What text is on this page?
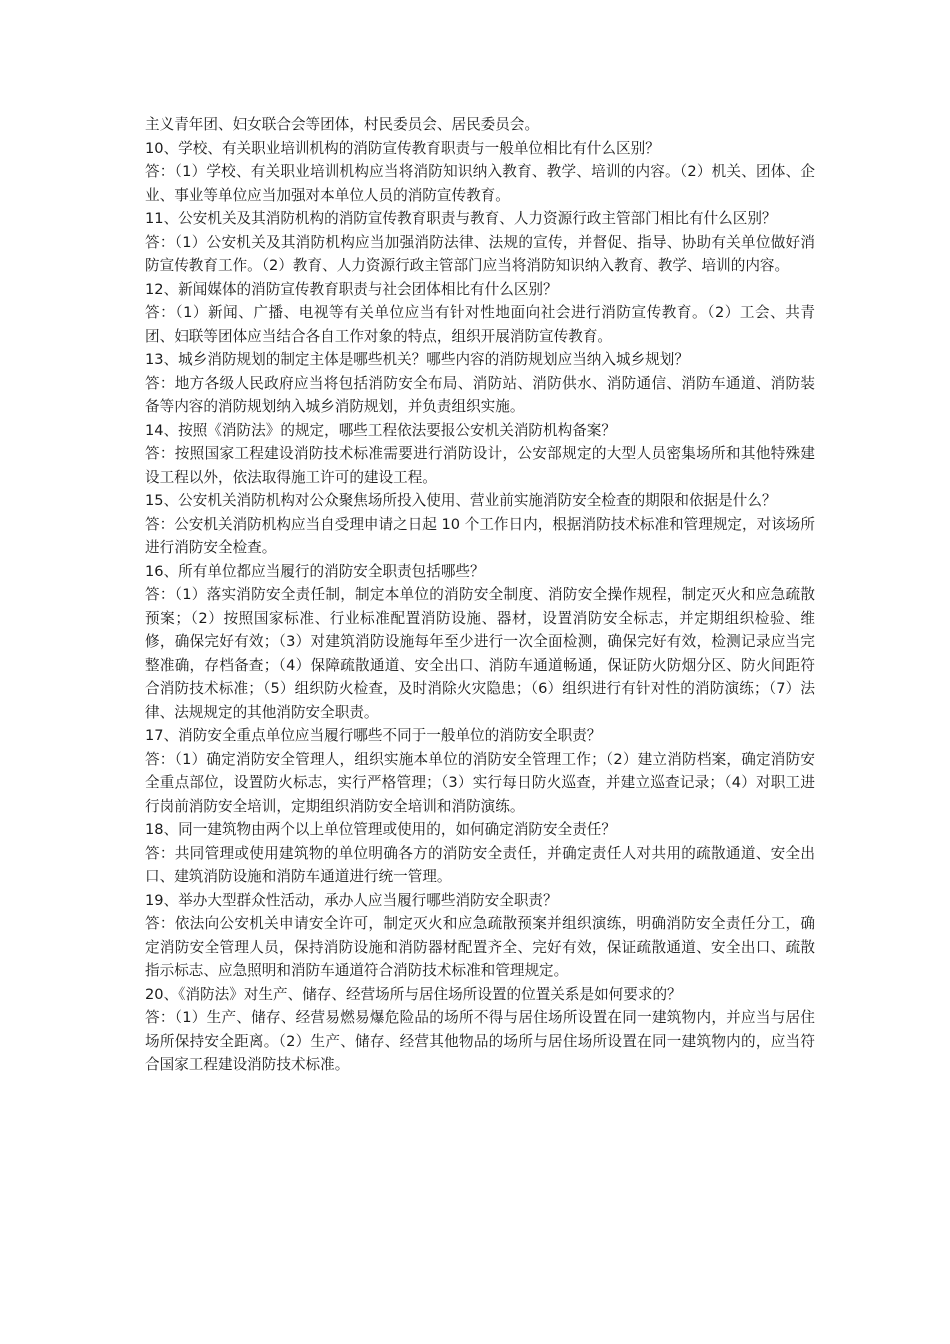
主义青年团、妇女联合会等团体，村民委员会、居民委员会。

10、学校、有关职业培训机构的消防宣传教育职责与一般单位相比有什么区别？

答：（1）学校、有关职业培训机构应当将消防知识纳入教育、教学、培训的内容。（2）机关、团体、企业、事业等单位应当加强对本单位人员的消防宣传教育。

11、公安机关及其消防机构的消防宣传教育职责与教育、人力资源行政主管部门相比有什么区别？

答：（1）公安机关及其消防机构应当加强消防法律、法规的宣传，并督促、指导、协助有关单位做好消防宣传教育工作。（2）教育、人力资源行政主管部门应当将消防知识纳入教育、教学、培训的内容。

12、新闻媒体的消防宣传教育职责与社会团体相比有什么区别？

答：（1）新闻、广播、电视等有关单位应当有针对性地面向社会进行消防宣传教育。（2）工会、共青团、妇联等团体应当结合各自工作对象的特点，组织开展消防宣传教育。

13、城乡消防规划的制定主体是哪些机关？哪些内容的消防规划应当纳入城乡规划？

答：地方各级人民政府应当将包括消防安全布局、消防站、消防供水、消防通信、消防车通道、消防装备等内容的消防规划纳入城乡消防规划，并负责组织实施。

14、按照《消防法》的规定，哪些工程依法要报公安机关消防机构备案？

答：按照国家工程建设消防技术标准需要进行消防设计，公安部规定的大型人员密集场所和其他特殊建设工程以外，依法取得施工许可的建设工程。

15、公安机关消防机构对公众聚焦场所投入使用、营业前实施消防安全检查的期限和依据是什么？

答：公安机关消防机构应当自受理申请之日起 10 个工作日内，根据消防技术标准和管理规定，对该场所进行消防安全检查。

16、所有单位都应当履行的消防安全职责包括哪些？

答：（1）落实消防安全责任制，制定本单位的消防安全制度、消防安全操作规程，制定灭火和应急疏散预案；（2）按照国家标准、行业标准配置消防设施、器材，设置消防安全标志，并定期组织检验、维修，确保完好有效；（3）对建筑消防设施每年至少进行一次全面检测，确保完好有效，检测记录应当完整准确，存档备查；（4）保障疏散通道、安全出口、消防车通道畅通，保证防火防烟分区、防火间距符合消防技术标准；（5）组织防火检查，及时消除火灾隐患；（6）组织进行有针对性的消防演练；（7）法律、法规规定的其他消防安全职责。

17、消防安全重点单位应当履行哪些不同于一般单位的消防安全职责？

答：（1）确定消防安全管理人，组织实施本单位的消防安全管理工作；（2）建立消防档案，确定消防安全重点部位，设置防火标志，实行严格管理；（3）实行每日防火巡查，并建立巡查记录；（4）对职工进行岗前消防安全培训，定期组织消防安全培训和消防演练。

18、同一建筑物由两个以上单位管理或使用的，如何确定消防安全责任？

答：共同管理或使用建筑物的单位明确各方的消防安全责任，并确定责任人对共用的疏散通道、安全出口、建筑消防设施和消防车通道进行统一管理。

19、举办大型群众性活动，承办人应当履行哪些消防安全职责？

答：依法向公安机关申请安全许可，制定灭火和应急疏散预案并组织演练，明确消防安全责任分工，确定消防安全管理人员，保持消防设施和消防器材配置齐全、完好有效，保证疏散通道、安全出口、疏散指示标志、应急照明和消防车通道符合消防技术标准和管理规定。

20、《消防法》对生产、储存、经营场所与居住场所设置的位置关系是如何要求的？

答：（1）生产、储存、经营易燃易爆危险品的场所不得与居住场所设置在同一建筑物内，并应当与居住场所保持安全距离。（2）生产、储存、经营其他物品的场所与居住场所设置在同一建筑物内的，应当符合国家工程建设消防技术标准。
